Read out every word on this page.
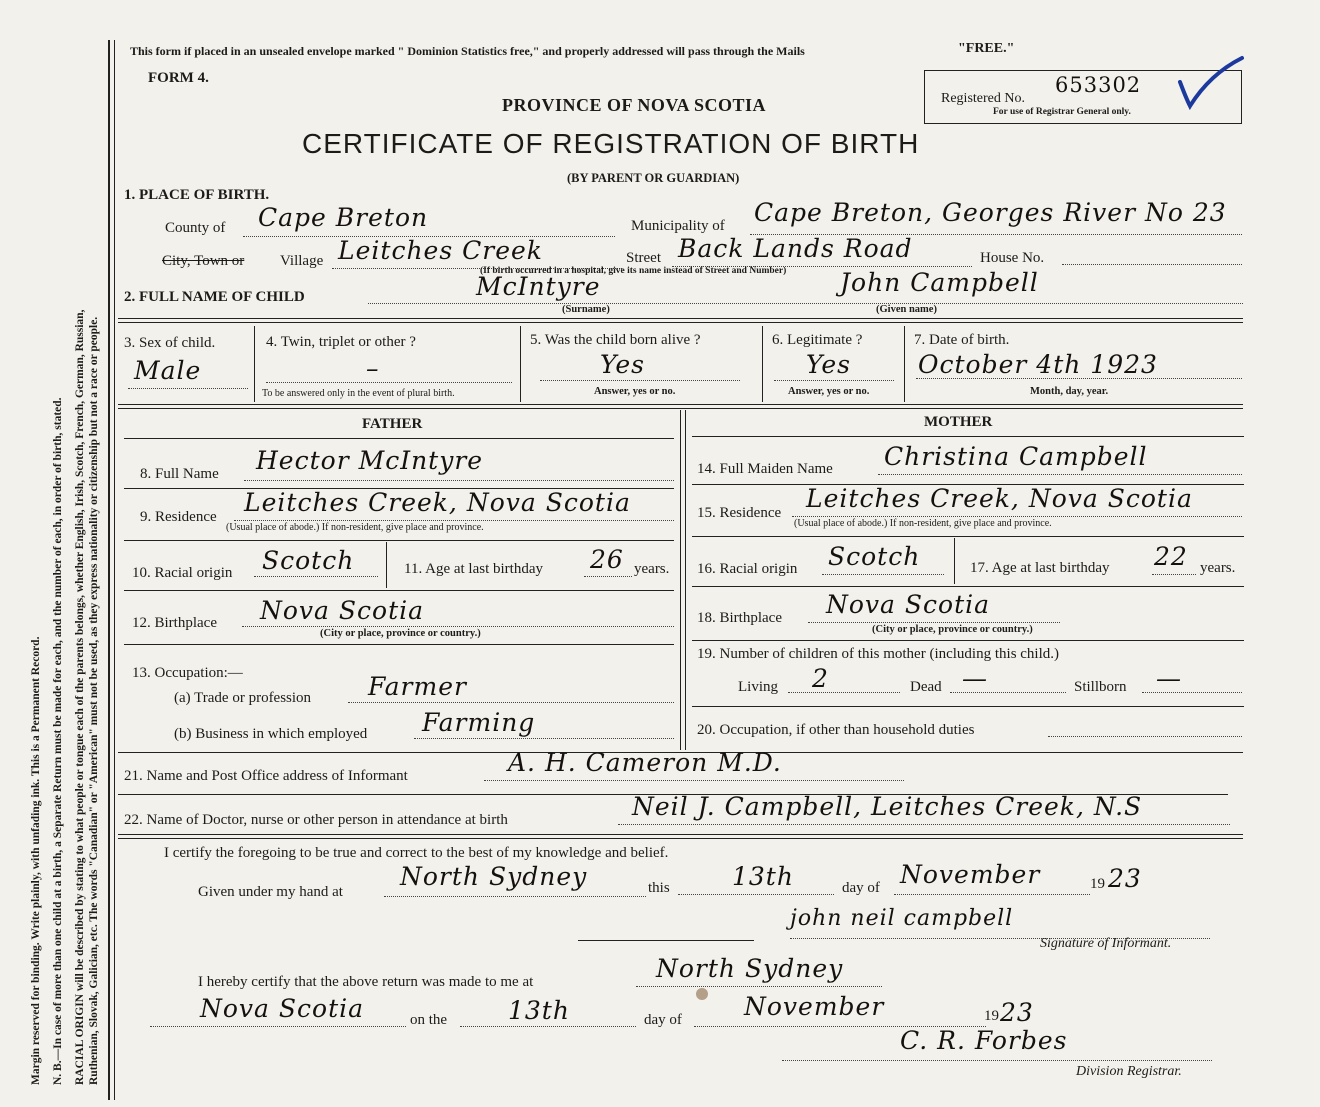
Margin reserved for binding. Write plainly, with unfading ink. This is a Permanent Record. N. B.—In case of more than one child at a birth, a Separate Return must be made for each, and the number of each, in order of birth, stated. RACIAL ORIGIN will be described by stating to what people or tongue each of the parents belongs, whether English, Irish, Scotch, French, German, Russian, Ruthenian, Slovak, Galician, etc. The words "Canadian" or "American" must not be used, as they express nationality or citizenship but not a race or people.
This form if placed in an unsealed envelope marked " Dominion Statistics free," and properly addressed will pass through the Mails	"FREE."
FORM 4.
PROVINCE OF NOVA SCOTIA
CERTIFICATE OF REGISTRATION OF BIRTH
(BY PARENT OR GUARDIAN)
Registered No.
653302
For use of Registrar General only.
1. PLACE OF BIRTH.
County of Cape Breton	Municipality of Cape Breton, Georges River No 23
City, Town or Village Leitches Creek	Street Back Lands Road	House No.
(If birth occurred in a hospital, give its name instead of Street and Number)
2. FULL NAME OF CHILD	McIntyre
(Surname)
John Campbell
(Given name)
3. Sex of child.
Male
4. Twin, triplet or other ?
–
To be answered only in the event of plural birth.
5. Was the child born alive ?
Yes
Answer, yes or no.
6. Legitimate ?
Yes
Answer, yes or no.
7. Date of birth.
October 4th 1923
Month, day, year.
FATHER
8. Full Name Hector McIntyre
9. Residence Leitches Creek, Nova Scotia
(Usual place of abode.) If non-resident, give place and province.
10. Racial origin Scotch	11. Age at last birthday 26 years.
12. Birthplace Nova Scotia
(City or place, province or country.)
13. Occupation:—
(a) Trade or profession Farmer
(b) Business in which employed Farming
MOTHER
14. Full Maiden Name Christina Campbell
15. Residence Leitches Creek, Nova Scotia
(Usual place of abode.) If non-resident, give place and province.
16. Racial origin Scotch	17. Age at last birthday 22 years.
18. Birthplace Nova Scotia
(City or place, province or country.)
19. Number of children of this mother (including this child.)
Living 2	Dead —	Stillborn —
20. Occupation, if other than household duties
21. Name and Post Office address of Informant	A. H. Cameron M.D.
22. Name of Doctor, nurse or other person in attendance at birth	Neil J. Campbell, Leitches Creek, N.S
I certify the foregoing to be true and correct to the best of my knowledge and belief.
Given under my hand at
North Sydney	this 13th	day of November	19 23
john neil campbell
Signature of Informant.
I hereby certify that the above return was made to me at	North Sydney
Nova Scotia	on the 13th	day of November	19 23
C. R. Forbes
Division Registrar.
